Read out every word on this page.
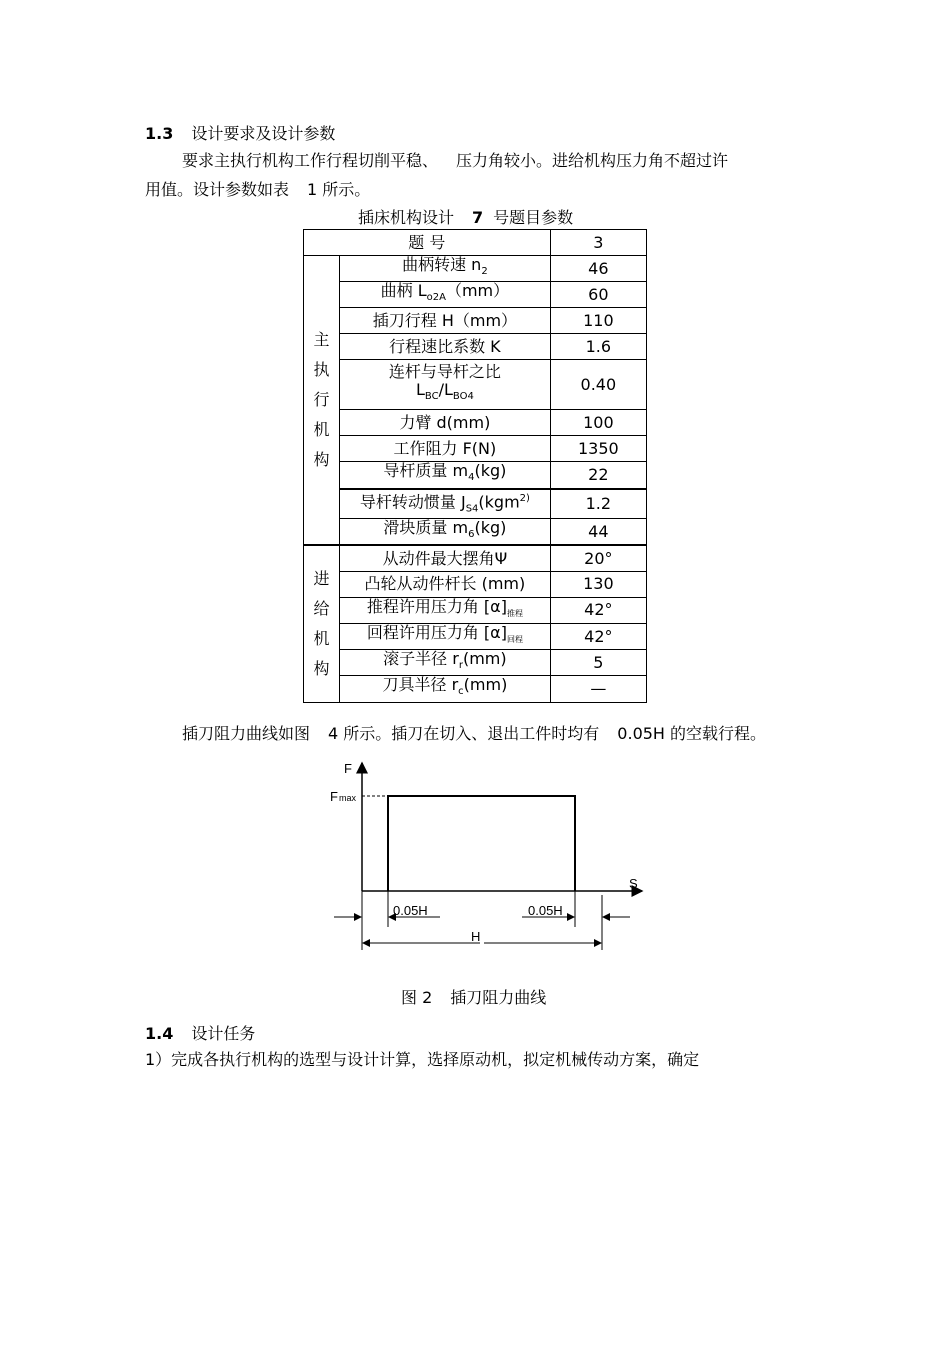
1.3 设计要求及设计参数
要求主执行机构工作行程切削平稳、 压力角较小。进给机构压力角不超过许
用值。设计参数如表 1 所示。
插床机构设计 7 号题目参数
题 号		3
主
执
行
机
构	曲柄转速 $n_2$	46
	曲柄 $L_{o2A}(mm)$	60
	插刀行程 H（mm）	110
	行程速比系数 K	1.6
	连杆与导杆之比
$L_{BC}/L_{BO4}$	0.40
	力臂 d(mm)	100
	工作阻力 F(N)	1350
	导杆质量 $m_4(kg)$	22
	导杆转动惯量 $J_{S4}(kgm^{2)}$	1.2
	滑块质量 $m_6(kg)$	44
进
给
机
构	从动件最大摆角Ψ	20°
	凸轮从动件杆长 (mm)	130
	推程许用压力角 $[\alpha]_{推程}$	42°
	回程许用压力角 $[\alpha]_{回程}$	42°
	滚子半径 $r_r(mm)$	5
	刀具半径 $r_c(mm)$	—
插刀阻力曲线如图 4 所示。插刀在切入、退出工件时均有 0.05H 的空载行程。
F
Fmax
S
0.05H	0.05H
H
图 2 插刀阻力曲线
1.4 设计任务
1）完成各执行机构的选型与设计计算，选择原动机，拟定机械传动方案，确定
